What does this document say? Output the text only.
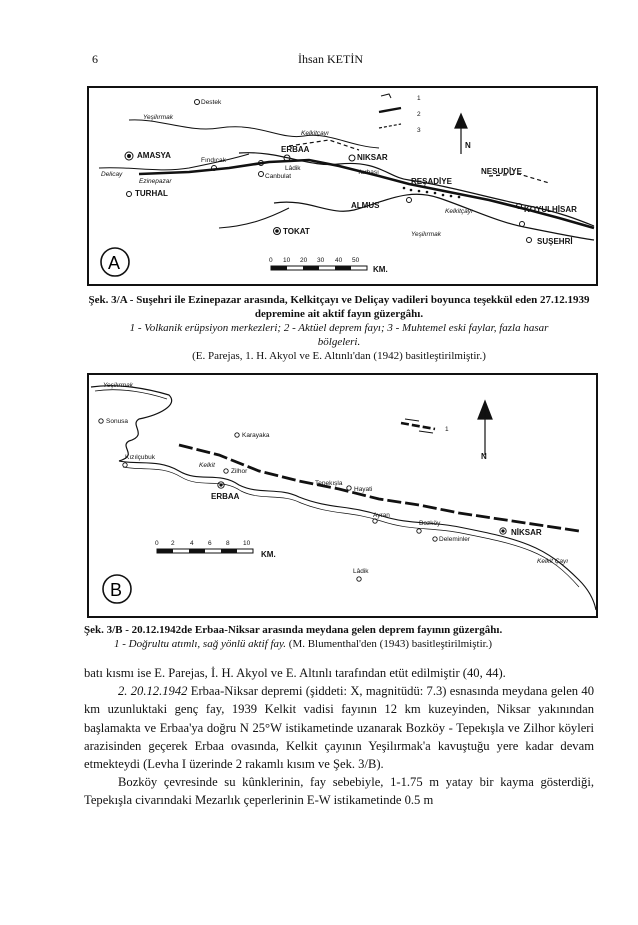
6	İhsan KETİN
Destek
Yeşilırmak
Kelkitçayı
AMASYA
ERBAA
Lâdik
NIKSAR
Yarbası	NESUDİYE
Fındıcak
Delicay
Ezinepazar
Canbulat
REŞADİYE
ALMUS
Kelkitçayı	KOYULHİSAR
TURHAL
TOKAT	Yeşilırmak
SUŞEHRİ
1
2
3
N
A	0 10 20 30 40 50
KM.
Şek. 3/A - Suşehri ile Ezinepazar arasında, Kelkitçayı ve Deliçay vadileri boyunca teşekkül eden 27.12.1939 depremine ait aktif fayın güzergâhı.
1 - Volkanik erüpsiyon merkezleri; 2 - Aktüel deprem fayı; 3 - Muhtemel eski faylar, fazla hasar bölgeleri.
(E. Parejas, 1. H. Akyol ve E. Altınlı'dan (1942) basitleştirilmiştir.)
Yeşilırmak
Sonusa
Kızılçubuk
Karayaka
Kelkit
Zilhor
Tepekışla
Hayati
ERBAA
Ayran
Bozköy
Deleminler
NİKSAR
Lâdik
Kelkit Çayı
1
N
0 2 4 6 8 10
KM.
B
Şek. 3/B - 20.12.1942de Erbaa-Niksar arasında meydana gelen deprem fayının güzergâhı.
1 - Doğrultu atımlı, sağ yönlü aktif fay. (M. Blumenthal'den (1943) basitleştirilmiştir.)

batı kısmı ise E. Parejas, İ. H. Akyol ve E. Altınlı tarafından etüt edilmiştir (40, 44).

2. 20.12.1942 Erbaa-Niksar depremi (şiddeti: X, magnitüdü: 7.3) esnasında meydana gelen 40 km uzunluktaki genç fay, 1939 Kelkit vadisi fayının 12 km kuzeyinden, Niksar yakınından başlamakta ve Erbaa'ya doğru N 25°W istikametinde uzanarak Bozköy - Tepekışla ve Zilhor köyleri arazisinden geçerek Erbaa ovasında, Kelkit çayının Yeşilırmak'a kavuştuğu yere kadar devam etmekteydi (Levha I üzerinde 2 rakamlı kısım ve Şek. 3/B).

Bozköy çevresinde su kûnklerinin, fay sebebiyle, 1-1.75 m yatay bir kayma gösterdiği, Tepekışla civarındaki Mezarlık çeperlerinin E-W istikametinde 0.5 m
